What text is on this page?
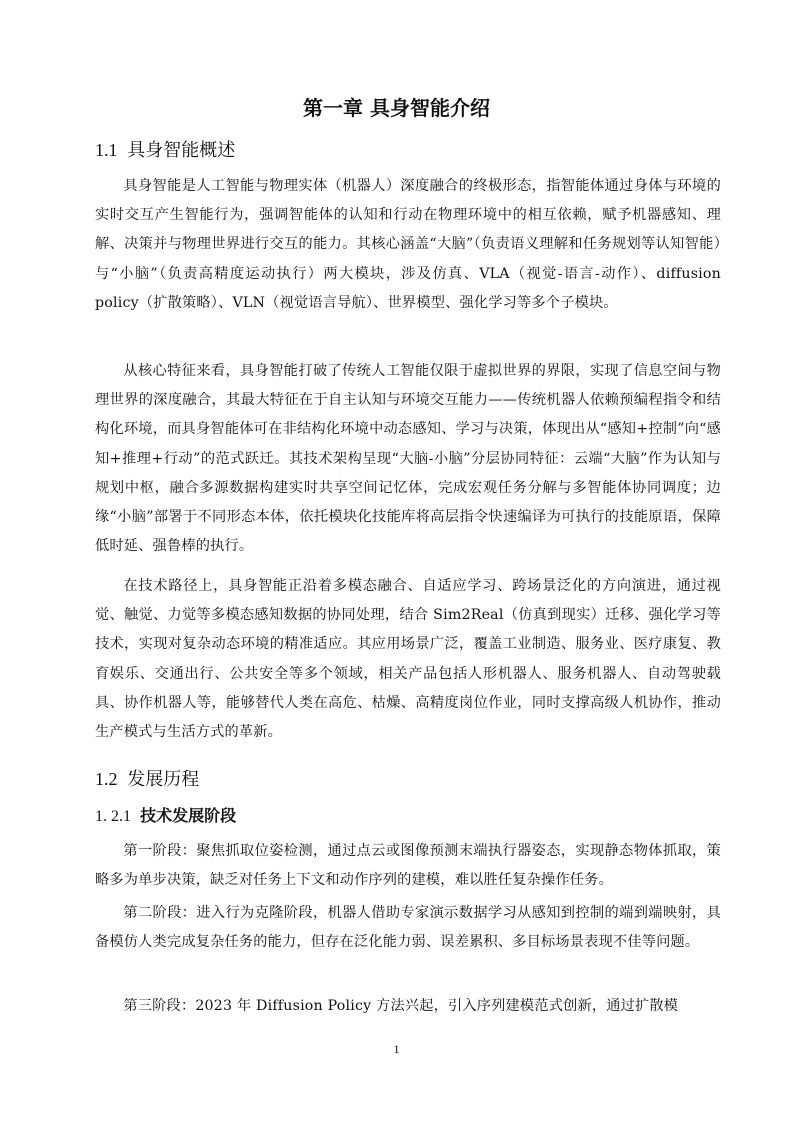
第一章 具身智能介绍
1.1 具身智能概述

具身智能是人工智能与物理实体（机器人）深度融合的终极形态，指智能体通过身体与环境的实时交互产生智能行为，强调智能体的认知和行动在物理环境中的相互依赖，赋予机器感知、理解、决策并与物理世界进行交互的能力。其核心涵盖“大脑”（负责语义理解和任务规划等认知智能）与“小脑”（负责高精度运动执行）两大模块，涉及仿真、VLA（视觉-语言-动作）、diffusion policy（扩散策略）、VLN（视觉语言导航）、世界模型、强化学习等多个子模块。

从核心特征来看，具身智能打破了传统人工智能仅限于虚拟世界的界限，实现了信息空间与物理世界的深度融合，其最大特征在于自主认知与环境交互能力——传统机器人依赖预编程指令和结构化环境，而具身智能体可在非结构化环境中动态感知、学习与决策，体现出从“感知+控制”向“感知+推理+行动”的范式跃迁。其技术架构呈现“大脑-小脑”分层协同特征：云端“大脑”作为认知与规划中枢，融合多源数据构建实时共享空间记忆体，完成宏观任务分解与多智能体协同调度；边缘“小脑”部署于不同形态本体，依托模块化技能库将高层指令快速编译为可执行的技能原语，保障低时延、强鲁棒的执行。

在技术路径上，具身智能正沿着多模态融合、自适应学习、跨场景泛化的方向演进，通过视觉、触觉、力觉等多模态感知数据的协同处理，结合 Sim2Real（仿真到现实）迁移、强化学习等技术，实现对复杂动态环境的精准适应。其应用场景广泛，覆盖工业制造、服务业、医疗康复、教育娱乐、交通出行、公共安全等多个领域，相关产品包括人形机器人、服务机器人、自动驾驶载具、协作机器人等，能够替代人类在高危、枯燥、高精度岗位作业，同时支撑高级人机协作，推动生产模式与生活方式的革新。

1.2 发展历程
1. 2.1 技术发展阶段

第一阶段：聚焦抓取位姿检测，通过点云或图像预测末端执行器姿态，实现静态物体抓取，策略多为单步决策，缺乏对任务上下文和动作序列的建模，难以胜任复杂操作任务。

第二阶段：进入行为克隆阶段，机器人借助专家演示数据学习从感知到控制的端到端映射，具备模仿人类完成复杂任务的能力，但存在泛化能力弱、误差累积、多目标场景表现不佳等问题。

第三阶段：2023 年 Diffusion Policy 方法兴起，引入序列建模范式创新，通过扩散模

1
